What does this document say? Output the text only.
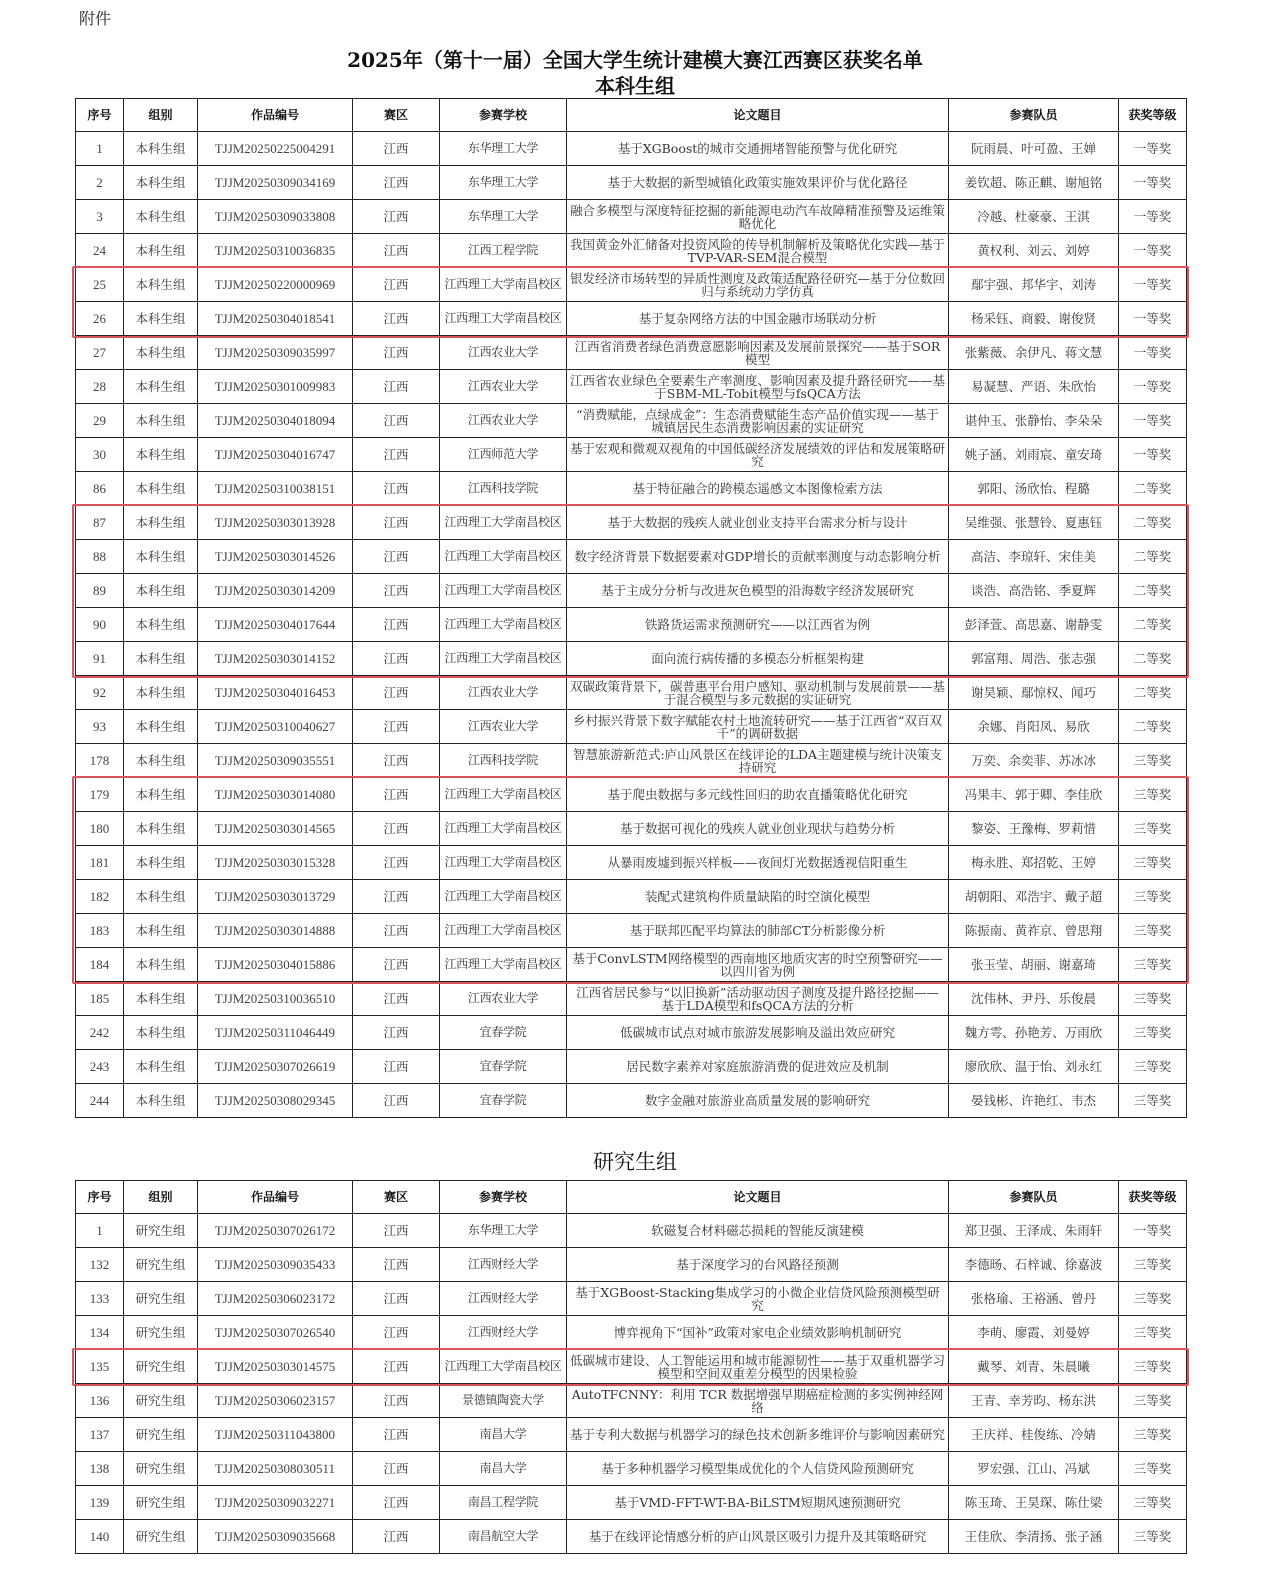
附件
2025年（第十一届）全国大学生统计建模大赛江西赛区获奖名单
本科生组
序号	组别	作品编号	赛区	参赛学校	论文题目	参赛队员	获奖等级
1	本科生组	TJJM20250225004291	江西	东华理工大学	基于XGBoost的城市交通拥堵智能预警与优化研究	阮雨晨、叶可盈、王婵	一等奖
2	本科生组	TJJM20250309034169	江西	东华理工大学	基于大数据的新型城镇化政策实施效果评价与优化路径	姜钦超、陈正麒、谢旭铭	一等奖
3	本科生组	TJJM20250309033808	江西	东华理工大学	融合多模型与深度特征挖掘的新能源电动汽车故障精准预警及运维策略优化	冷越、杜豪豪、王淇	一等奖
24	本科生组	TJJM20250310036835	江西	江西工程学院	我国黄金外汇储备对投资风险的传导机制解析及策略优化实践—基于TVP-VAR-SEM混合模型	黄权利、刘云、刘婷	一等奖
25	本科生组	TJJM20250220000969	江西	江西理工大学南昌校区	银发经济市场转型的异质性测度及政策适配路径研究—基于分位数回归与系统动力学仿真	鄢宇强、邦华宇、刘涛	一等奖
26	本科生组	TJJM20250304018541	江西	江西理工大学南昌校区	基于复杂网络方法的中国金融市场联动分析	杨采钰、商毅、谢俊贤	一等奖
27	本科生组	TJJM20250309035997	江西	江西农业大学	江西省消费者绿色消费意愿影响因素及发展前景探究——基于SOR模型	张紫薇、余伊凡、蒋文慧	一等奖
28	本科生组	TJJM20250301009983	江西	江西农业大学	江西省农业绿色全要素生产率测度、影响因素及提升路径研究——基于SBM-ML-Tobit模型与fsQCA方法	易凝慧、严语、朱欣怡	一等奖
29	本科生组	TJJM20250304018094	江西	江西农业大学	“消费赋能，点绿成金”：生态消费赋能生态产品价值实现——基于城镇居民生态消费影响因素的实证研究	谌仲玉、张静怡、李朵朵	一等奖
30	本科生组	TJJM20250304016747	江西	江西师范大学	基于宏观和微观双视角的中国低碳经济发展绩效的评估和发展策略研究	姚子涵、刘雨宸、童安琦	一等奖
86	本科生组	TJJM20250310038151	江西	江西科技学院	基于特征融合的跨模态遥感文本图像检索方法	郭阳、汤欣怡、程璐	二等奖
87	本科生组	TJJM20250303013928	江西	江西理工大学南昌校区	基于大数据的残疾人就业创业支持平台需求分析与设计	吴维强、张慧铃、夏惠钰	二等奖
88	本科生组	TJJM20250303014526	江西	江西理工大学南昌校区	数字经济背景下数据要素对GDP增长的贡献率测度与动态影响分析	高洁、李琼轩、宋佳美	二等奖
89	本科生组	TJJM20250303014209	江西	江西理工大学南昌校区	基于主成分分析与改进灰色模型的沿海数字经济发展研究	谈浩、高浩铭、季夏辉	二等奖
90	本科生组	TJJM20250304017644	江西	江西理工大学南昌校区	铁路货运需求预测研究——以江西省为例	彭泽萱、高思嘉、谢静雯	二等奖
91	本科生组	TJJM20250303014152	江西	江西理工大学南昌校区	面向流行病传播的多模态分析框架构建	郭富翔、周浩、张志强	二等奖
92	本科生组	TJJM20250304016453	江西	江西农业大学	双碳政策背景下，碳普惠平台用户感知、驱动机制与发展前景——基于混合模型与多元数据的实证研究	谢昊颖、鄢惊权、闻巧	二等奖
93	本科生组	TJJM20250310040627	江西	江西农业大学	乡村振兴背景下数字赋能农村土地流转研究——基于江西省“双百双千”的调研数据	余娜、肖阳凤、易欣	二等奖
178	本科生组	TJJM20250309035551	江西	江西科技学院	智慧旅游新范式:庐山风景区在线评论的LDA主题建模与统计决策支持研究	万奕、余奕菲、苏冰冰	三等奖
179	本科生组	TJJM20250303014080	江西	江西理工大学南昌校区	基于爬虫数据与多元线性回归的助农直播策略优化研究	冯果丰、郭于卿、李佳欣	三等奖
180	本科生组	TJJM20250303014565	江西	江西理工大学南昌校区	基于数据可视化的残疾人就业创业现状与趋势分析	黎姿、王豫梅、罗莉惜	三等奖
181	本科生组	TJJM20250303015328	江西	江西理工大学南昌校区	从暴雨废墟到振兴样板——夜间灯光数据透视信阳重生	梅永胜、郑招乾、王婷	三等奖
182	本科生组	TJJM20250303013729	江西	江西理工大学南昌校区	装配式建筑构件质量缺陷的时空演化模型	胡朝阳、邓浩宇、戴子超	三等奖
183	本科生组	TJJM20250303014888	江西	江西理工大学南昌校区	基于联邦匹配平均算法的肺部CT分析影像分析	陈振南、黄祚京、曾思翔	三等奖
184	本科生组	TJJM20250304015886	江西	江西理工大学南昌校区	基于ConvLSTM网络模型的西南地区地质灾害的时空预警研究——以四川省为例	张玉莹、胡丽、谢嘉琦	三等奖
185	本科生组	TJJM20250310036510	江西	江西农业大学	江西省居民参与“以旧换新”活动驱动因子测度及提升路径挖掘——基于LDA模型和fsQCA方法的分析	沈伟林、尹丹、乐俊晨	三等奖
242	本科生组	TJJM20250311046449	江西	宜春学院	低碳城市试点对城市旅游发展影响及溢出效应研究	魏方雩、孙艳芳、万雨欣	三等奖
243	本科生组	TJJM20250307026619	江西	宜春学院	居民数字素养对家庭旅游消费的促进效应及机制	廖欣欣、温于怡、刘永红	三等奖
244	本科生组	TJJM20250308029345	江西	宜春学院	数字金融对旅游业高质量发展的影响研究	晏钱彬、许艳红、韦杰	三等奖
研究生组
序号	组别	作品编号	赛区	参赛学校	论文题目	参赛队员	获奖等级
1	研究生组	TJJM20250307026172	江西	东华理工大学	软磁复合材料磁芯损耗的智能反演建模	郑卫强、王泽成、朱雨轩	一等奖
132	研究生组	TJJM20250309035433	江西	江西财经大学	基于深度学习的台风路径预测	李德旸、石梓诚、徐嘉波	三等奖
133	研究生组	TJJM20250306023172	江西	江西财经大学	基于XGBoost-Stacking集成学习的小微企业信贷风险预测模型研究	张格瑜、王裕涵、曾丹	三等奖
134	研究生组	TJJM20250307026540	江西	江西财经大学	博弈视角下“国补”政策对家电企业绩效影响机制研究	李萌、廖霞、刘曼婷	三等奖
135	研究生组	TJJM20250303014575	江西	江西理工大学南昌校区	低碳城市建设、人工智能运用和城市能源韧性——基于双重机器学习模型和空间双重差分模型的因果检验	戴琴、刘青、朱晨曦	三等奖
136	研究生组	TJJM20250306023157	江西	景德镇陶瓷大学	AutoTFCNNY：利用 TCR 数据增强早期癌症检测的多实例神经网络	王青、幸芳昀、杨东洪	三等奖
137	研究生组	TJJM20250311043800	江西	南昌大学	基于专利大数据与机器学习的绿色技术创新多维评价与影响因素研究	王庆祥、桂俊练、冷婧	三等奖
138	研究生组	TJJM20250308030511	江西	南昌大学	基于多种机器学习模型集成优化的个人信贷风险预测研究	罗宏强、江山、冯斌	三等奖
139	研究生组	TJJM20250309032271	江西	南昌工程学院	基于VMD-FFT-WT-BA-BiLSTM短期风速预测研究	陈玉琦、王昊琛、陈仕梁	三等奖
140	研究生组	TJJM20250309035668	江西	南昌航空大学	基于在线评论情感分析的庐山风景区吸引力提升及其策略研究	王佳欣、李清扬、张子涵	三等奖
